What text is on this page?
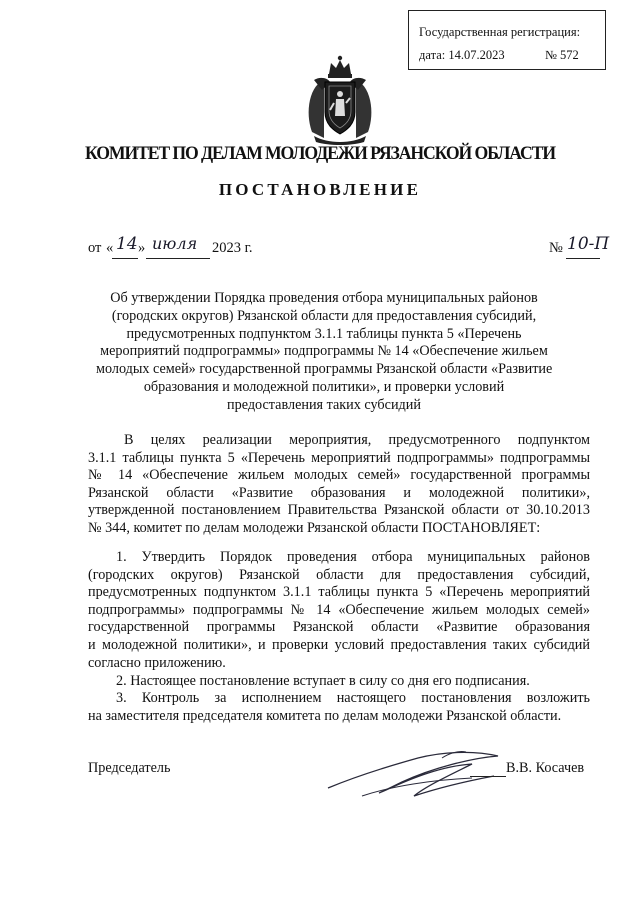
Государственная регистрация:
дата: 14.07.2023	№ 572
КОМИТЕТ ПО ДЕЛАМ МОЛОДЕЖИ РЯЗАНСКОЙ ОБЛАСТИ
ПОСТАНОВЛЕНИЕ
от « 14 » июля 2023 г.	№ 10-П
Об утверждении Порядка проведения отбора муниципальных районов
(городских округов) Рязанской области для предоставления субсидий,
предусмотренных подпунктом 3.1.1 таблицы пункта 5 «Перечень
мероприятий подпрограммы» подпрограммы № 14 «Обеспечение жильем
молодых семей» государственной программы Рязанской области «Развитие
образования и молодежной политики», и проверки условий
предоставления таких субсидий
В целях реализации мероприятия, предусмотренного подпунктом
3.1.1 таблицы пункта 5 «Перечень мероприятий подпрограммы» подпрограммы
№ 14 «Обеспечение жильем молодых семей» государственной программы
Рязанской области «Развитие образования и молодежной политики»,
утвержденной постановлением Правительства Рязанской области от 30.10.2013
№ 344, комитет по делам молодежи Рязанской области ПОСТАНОВЛЯЕТ:
1. Утвердить Порядок проведения отбора муниципальных районов
(городских округов) Рязанской области для предоставления субсидий,
предусмотренных подпунктом 3.1.1 таблицы пункта 5 «Перечень мероприятий
подпрограммы» подпрограммы № 14 «Обеспечение жильем молодых семей»
государственной программы Рязанской области «Развитие образования
и молодежной политики», и проверки условий предоставления таких субсидий
согласно приложению.
2. Настоящее постановление вступает в силу со дня его подписания.
3. Контроль за исполнением настоящего постановления возложить
на заместителя председателя комитета по делам молодежи Рязанской области.
Председатель	В.В. Косачев
